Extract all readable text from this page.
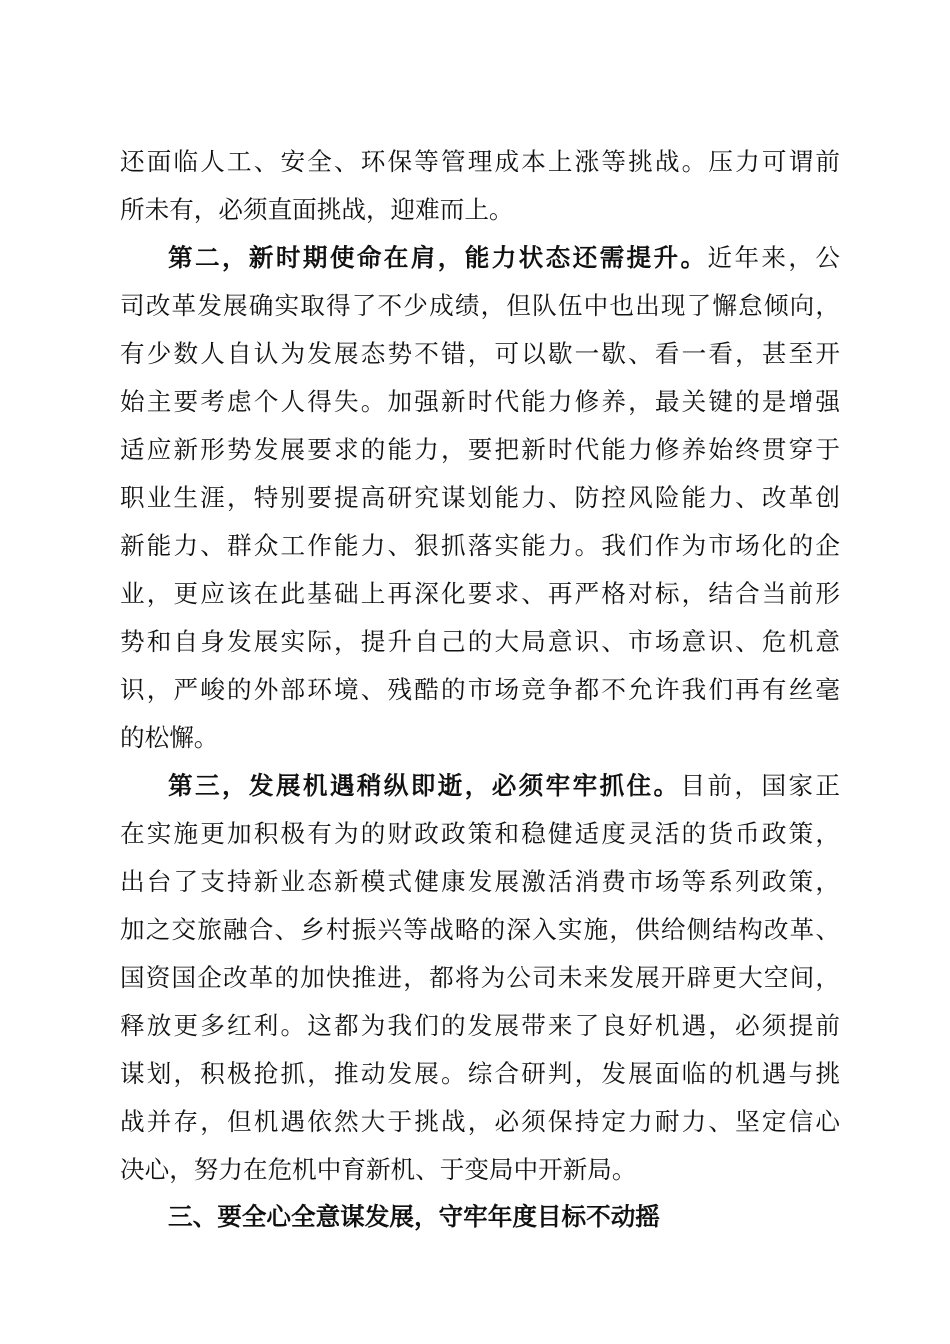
还面临人工、安全、环保等管理成本上涨等挑战。压力可谓前
所未有，必须直面挑战，迎难而上。
第二，新时期使命在肩，能力状态还需提升。近年来，公
司改革发展确实取得了不少成绩，但队伍中也出现了懈怠倾向，
有少数人自认为发展态势不错，可以歇一歇、看一看，甚至开
始主要考虑个人得失。加强新时代能力修养，最关键的是增强
适应新形势发展要求的能力，要把新时代能力修养始终贯穿于
职业生涯，特别要提高研究谋划能力、防控风险能力、改革创
新能力、群众工作能力、狠抓落实能力。我们作为市场化的企
业，更应该在此基础上再深化要求、再严格对标，结合当前形
势和自身发展实际，提升自己的大局意识、市场意识、危机意
识，严峻的外部环境、残酷的市场竞争都不允许我们再有丝毫
的松懈。
第三，发展机遇稍纵即逝，必须牢牢抓住。目前，国家正
在实施更加积极有为的财政政策和稳健适度灵活的货币政策，
出台了支持新业态新模式健康发展激活消费市场等系列政策，
加之交旅融合、乡村振兴等战略的深入实施，供给侧结构改革、
国资国企改革的加快推进，都将为公司未来发展开辟更大空间，
释放更多红利。这都为我们的发展带来了良好机遇，必须提前
谋划，积极抢抓，推动发展。综合研判，发展面临的机遇与挑
战并存，但机遇依然大于挑战，必须保持定力耐力、坚定信心
决心，努力在危机中育新机、于变局中开新局。
三、要全心全意谋发展，守牢年度目标不动摇
